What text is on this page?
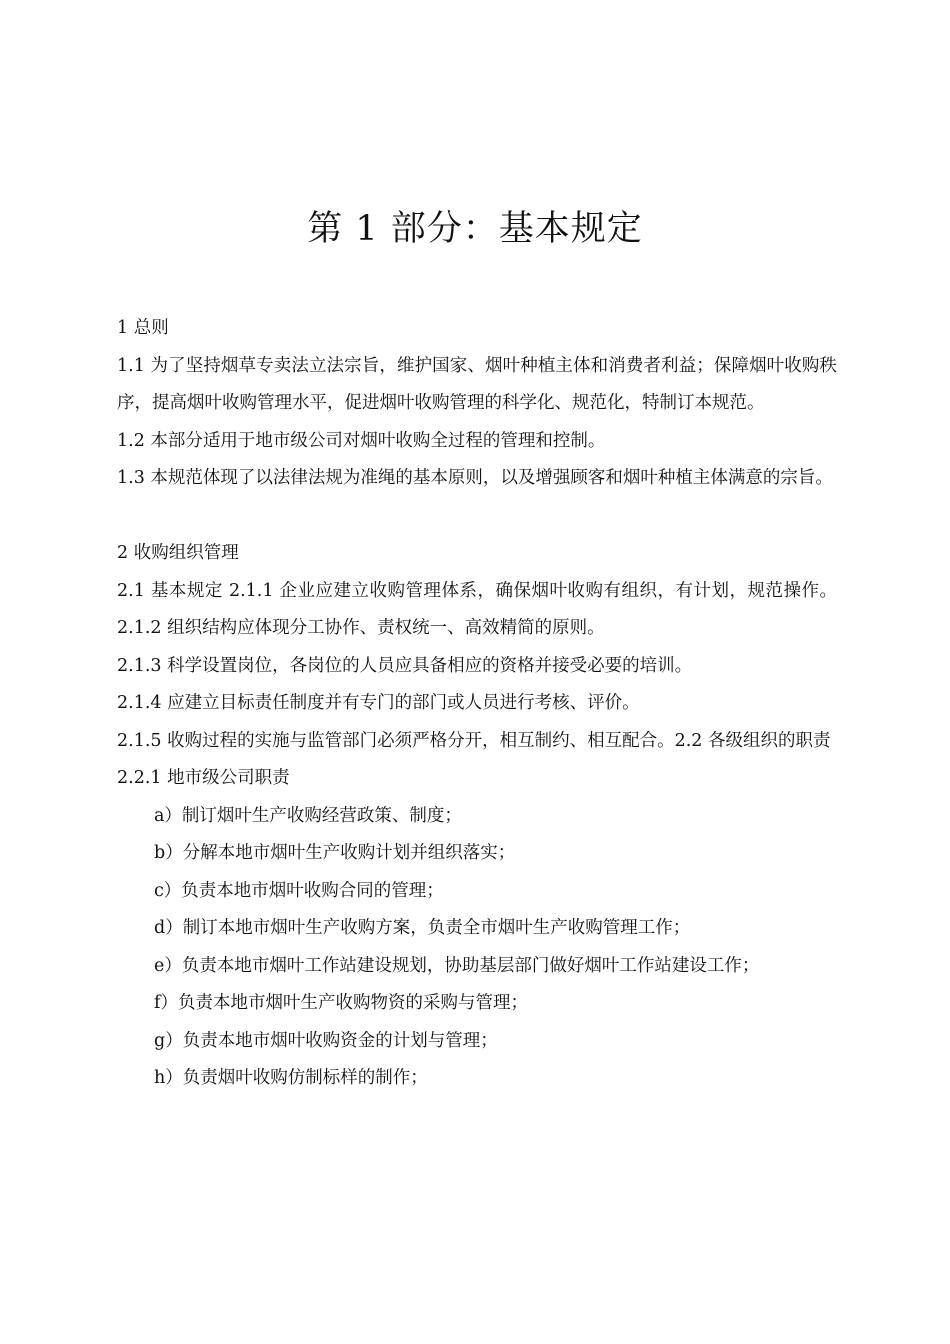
第 1 部分：基本规定

1 总则

1.1 为了坚持烟草专卖法立法宗旨，维护国家、烟叶种植主体和消费者利益；保障烟叶收购秩序，提高烟叶收购管理水平，促进烟叶收购管理的科学化、规范化，特制订本规范。

1.2 本部分适用于地市级公司对烟叶收购全过程的管理和控制。

1.3 本规范体现了以法律法规为准绳的基本原则，以及增强顾客和烟叶种植主体满意的宗旨。

2 收购组织管理

2.1 基本规定 2.1.1 企业应建立收购管理体系，确保烟叶收购有组织，有计划，规范操作。2.1.2 组织结构应体现分工协作、责权统一、高效精简的原则。

2.1.3 科学设置岗位，各岗位的人员应具备相应的资格并接受必要的培训。

2.1.4 应建立目标责任制度并有专门的部门或人员进行考核、评价。

2.1.5 收购过程的实施与监管部门必须严格分开，相互制约、相互配合。2.2 各级组织的职责

2.2.1 地市级公司职责

a）制订烟叶生产收购经营政策、制度；

b）分解本地市烟叶生产收购计划并组织落实；

c）负责本地市烟叶收购合同的管理；

d）制订本地市烟叶生产收购方案，负责全市烟叶生产收购管理工作；

e）负责本地市烟叶工作站建设规划，协助基层部门做好烟叶工作站建设工作；

f）负责本地市烟叶生产收购物资的采购与管理；

g）负责本地市烟叶收购资金的计划与管理；

h）负责烟叶收购仿制标样的制作；
